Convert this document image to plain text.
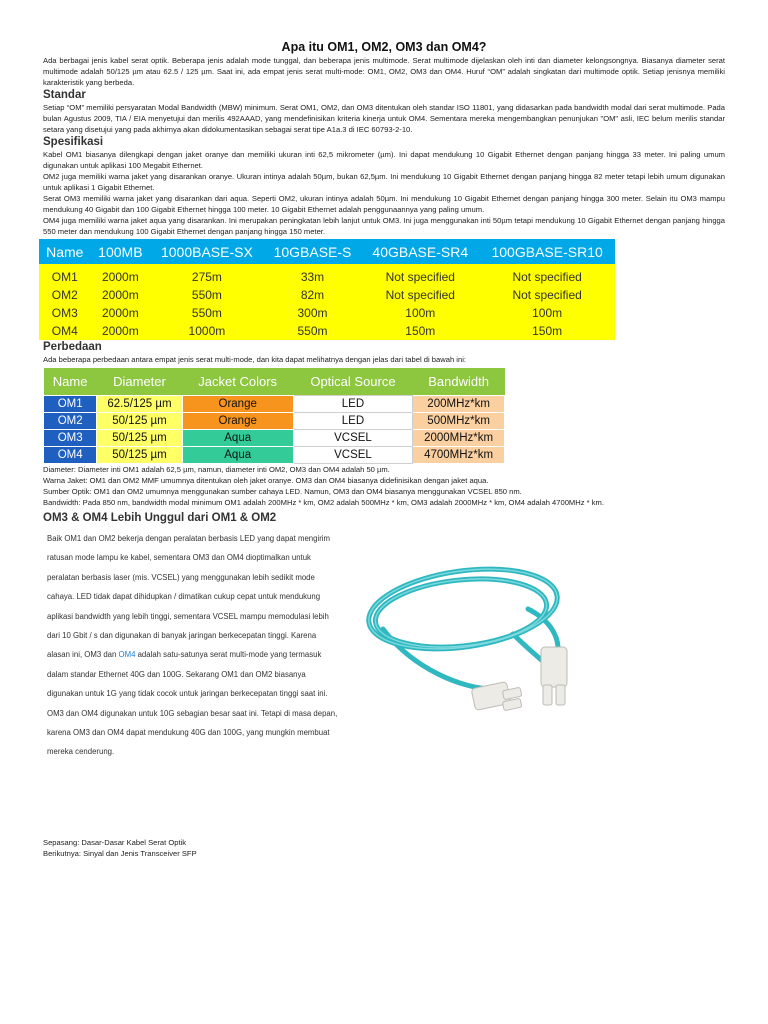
Apa itu OM1, OM2, OM3 dan OM4?

Ada berbagai jenis kabel serat optik. Beberapa jenis adalah mode tunggal, dan beberapa jenis multimode. Serat multimode dijelaskan oleh inti dan diameter kelongsongnya. Biasanya diameter serat multimode adalah 50/125 µm atau 62.5 / 125 µm. Saat ini, ada empat jenis serat multi-mode: OM1, OM2, OM3 dan OM4. Huruf “OM” adalah singkatan dari multimode optik. Setiap jenisnya memiliki karakteristik yang berbeda.

Standar

Setiap “OM” memiliki persyaratan Modal Bandwidth (MBW) minimum. Serat OM1, OM2, dan OM3 ditentukan oleh standar ISO 11801, yang didasarkan pada bandwidth modal dari serat multimode. Pada bulan Agustus 2009, TIA / EIA menyetujui dan merilis 492AAAD, yang mendefinisikan kriteria kinerja untuk OM4. Sementara mereka mengembangkan penunjukan "OM" asli, IEC belum merilis standar setara yang disetujui yang pada akhirnya akan didokumentasikan sebagai serat tipe A1a.3 di IEC 60793-2-10.

Spesifikasi

Kabel OM1 biasanya dilengkapi dengan jaket oranye dan memiliki ukuran inti 62,5 mikrometer (µm). Ini dapat mendukung 10 Gigabit Ethernet dengan panjang hingga 33 meter. Ini paling umum digunakan untuk aplikasi 100 Megabit Ethernet.

OM2 juga memiliki warna jaket yang disarankan oranye. Ukuran intinya adalah 50µm, bukan 62,5µm. Ini mendukung 10 Gigabit Ethernet dengan panjang hingga 82 meter tetapi lebih umum digunakan untuk aplikasi 1 Gigabit Ethernet.

Serat OM3 memiliki warna jaket yang disarankan dari aqua. Seperti OM2, ukuran intinya adalah 50µm. Ini mendukung 10 Gigabit Ethernet dengan panjang hingga 300 meter. Selain itu OM3 mampu mendukung 40 Gigabit dan 100 Gigabit Ethernet hingga 100 meter. 10 Gigabit Ethernet adalah penggunaannya yang paling umum.

OM4 juga memiliki warna jaket aqua yang disarankan. Ini merupakan peningkatan lebih lanjut untuk OM3. Ini juga menggunakan inti 50µm tetapi mendukung 10 Gigabit Ethernet dengan panjang hingga 550 meter dan mendukung 100 Gigabit Ethernet dengan panjang hingga 150 meter.

Name	100MB	1000BASE-SX	10GBASE-S	40GBASE-SR4	100GBASE-SR10
OM1	2000m	275m	33m	Not specified	Not specified
OM2	2000m	550m	82m	Not specified	Not specified
OM3	2000m	550m	300m	100m	100m
OM4	2000m	1000m	550m	150m	150m
Perbedaan

Ada beberapa perbedaan antara empat jenis serat multi-mode, dan kita dapat melihatnya dengan jelas dari tabel di bawah ini:

Name	Diameter	Jacket Colors	Optical Source	Bandwidth
OM1	62.5/125 µm	Orange	LED	200MHz*km
OM2	50/125 µm	Orange	LED	500MHz*km
OM3	50/125 µm	Aqua	VCSEL	2000MHz*km
OM4	50/125 µm	Aqua	VCSEL	4700MHz*km

Diameter: Diameter inti OM1 adalah 62,5 µm, namun, diameter inti OM2, OM3 dan OM4 adalah 50 µm.

Warna Jaket: OM1 dan OM2 MMF umumnya ditentukan oleh jaket oranye. OM3 dan OM4 biasanya didefinisikan dengan jaket aqua.

Sumber Optik: OM1 dan OM2 umumnya menggunakan sumber cahaya LED. Namun, OM3 dan OM4 biasanya menggunakan VCSEL 850 nm.

Bandwidth: Pada 850 nm, bandwidth modal minimum OM1 adalah 200MHz * km, OM2 adalah 500MHz * km, OM3 adalah 2000MHz * km, OM4 adalah 4700MHz * km.

OM3 & OM4 Lebih Unggul dari OM1 & OM2
Baik OM1 dan OM2 bekerja dengan peralatan berbasis LED yang dapat mengirim ratusan mode lampu ke kabel, sementara OM3 dan OM4 dioptimalkan untuk peralatan berbasis laser (mis. VCSEL) yang menggunakan lebih sedikit mode cahaya. LED tidak dapat dihidupkan / dimatikan cukup cepat untuk mendukung aplikasi bandwidth yang lebih tinggi, sementara VCSEL mampu memodulasi lebih dari 10 Gbit / s dan digunakan di banyak jaringan berkecepatan tinggi. Karena alasan ini, OM3 dan OM4 adalah satu-satunya serat multi-mode yang termasuk dalam standar Ethernet 40G dan 100G. Sekarang OM1 dan OM2 biasanya digunakan untuk 1G yang tidak cocok untuk jaringan berkecepatan tinggi saat ini. OM3 dan OM4 digunakan untuk 10G sebagian besar saat ini. Tetapi di masa depan, karena OM3 dan OM4 dapat mendukung 40G dan 100G, yang mungkin membuat mereka cenderung.
Sepasang: Dasar-Dasar Kabel Serat Optik
Berikutnya: Sinyal dan Jenis Transceiver SFP
